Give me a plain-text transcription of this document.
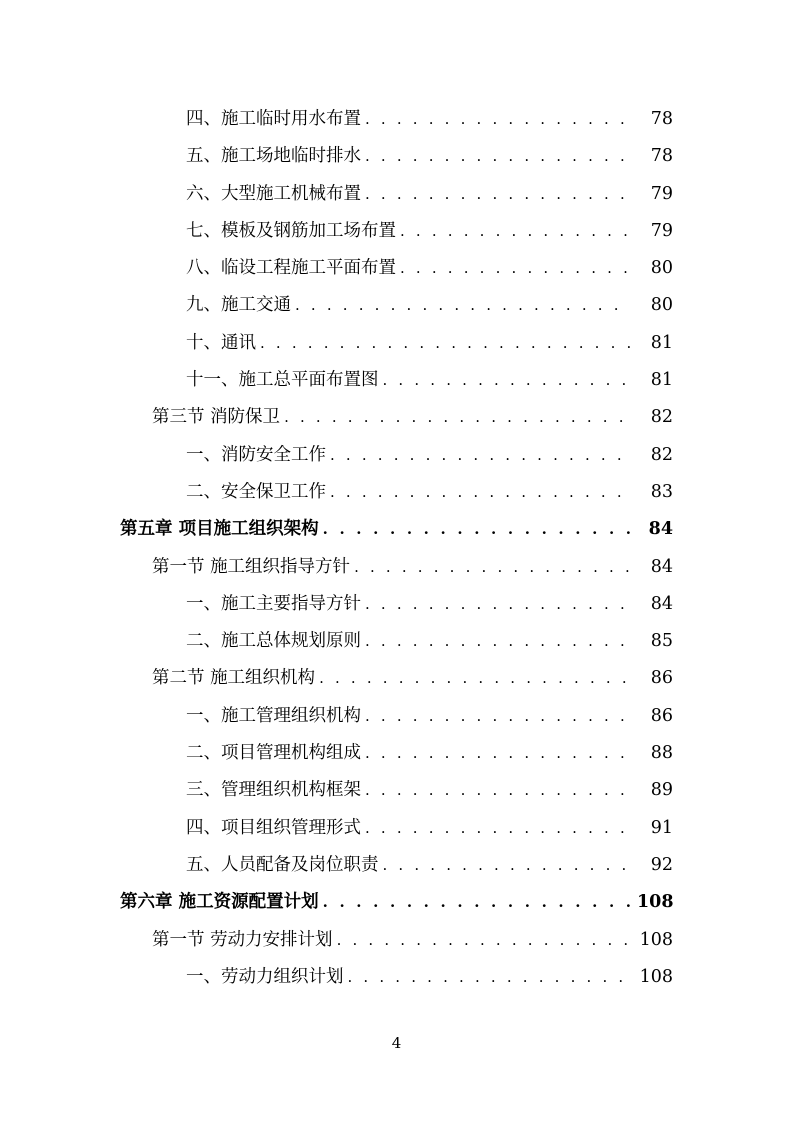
四、施工临时用水布置 . . .	78
五、施工场地临时排水 . . .	78
六、大型施工机械布置 . . .	79
七、模板及钢筋加工场布置 . . .	79
八、临设工程施工平面布置 . . .	80
九、施工交通 . . .	80
十、通讯 . . .	81
十一、施工总平面布置图 . . .	81
第三节 消防保卫 . . .	82
一、消防安全工作 . . .	82
二、安全保卫工作 . . .	83
第五章 项目施工组织架构 . . .	84
第一节 施工组织指导方针 . . .	84
一、施工主要指导方针 . . .	84
二、施工总体规划原则 . . .	85
第二节 施工组织机构 . . .	86
一、施工管理组织机构 . . .	86
二、项目管理机构组成 . . .	88
三、管理组织机构框架 . . .	89
四、项目组织管理形式 . . .	91
五、人员配备及岗位职责 . . .	92
第六章 施工资源配置计划 . . .	108
第一节 劳动力安排计划 . . .	108
一、劳动力组织计划 . . .	108
4
